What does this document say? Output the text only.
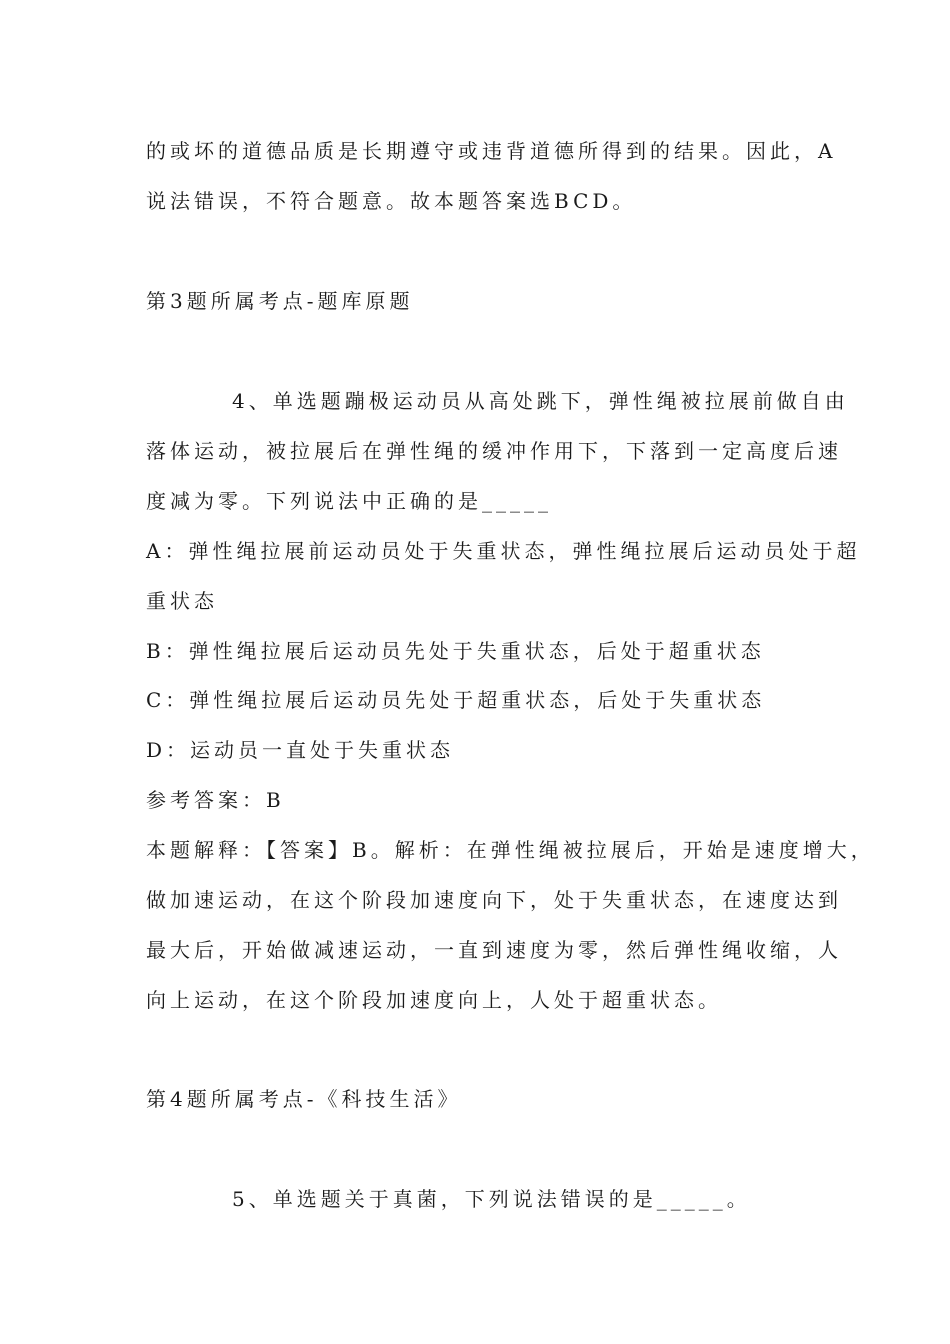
的或坏的道德品质是长期遵守或违背道德所得到的结果。因此，A
说法错误，不符合题意。故本题答案选BCD。
第3题所属考点-题库原题
4、单选题蹦极运动员从高处跳下，弹性绳被拉展前做自由
落体运动，被拉展后在弹性绳的缓冲作用下，下落到一定高度后速
度减为零。下列说法中正确的是_____
A：弹性绳拉展前运动员处于失重状态，弹性绳拉展后运动员处于超
重状态
B：弹性绳拉展后运动员先处于失重状态，后处于超重状态
C：弹性绳拉展后运动员先处于超重状态，后处于失重状态
D：运动员一直处于失重状态
参考答案：B
本题解释：【答案】B。解析：在弹性绳被拉展后，开始是速度增大，
做加速运动，在这个阶段加速度向下，处于失重状态，在速度达到
最大后，开始做减速运动，一直到速度为零，然后弹性绳收缩，人
向上运动，在这个阶段加速度向上，人处于超重状态。
第4题所属考点-《科技生活》
5、单选题关于真菌，下列说法错误的是_____。
